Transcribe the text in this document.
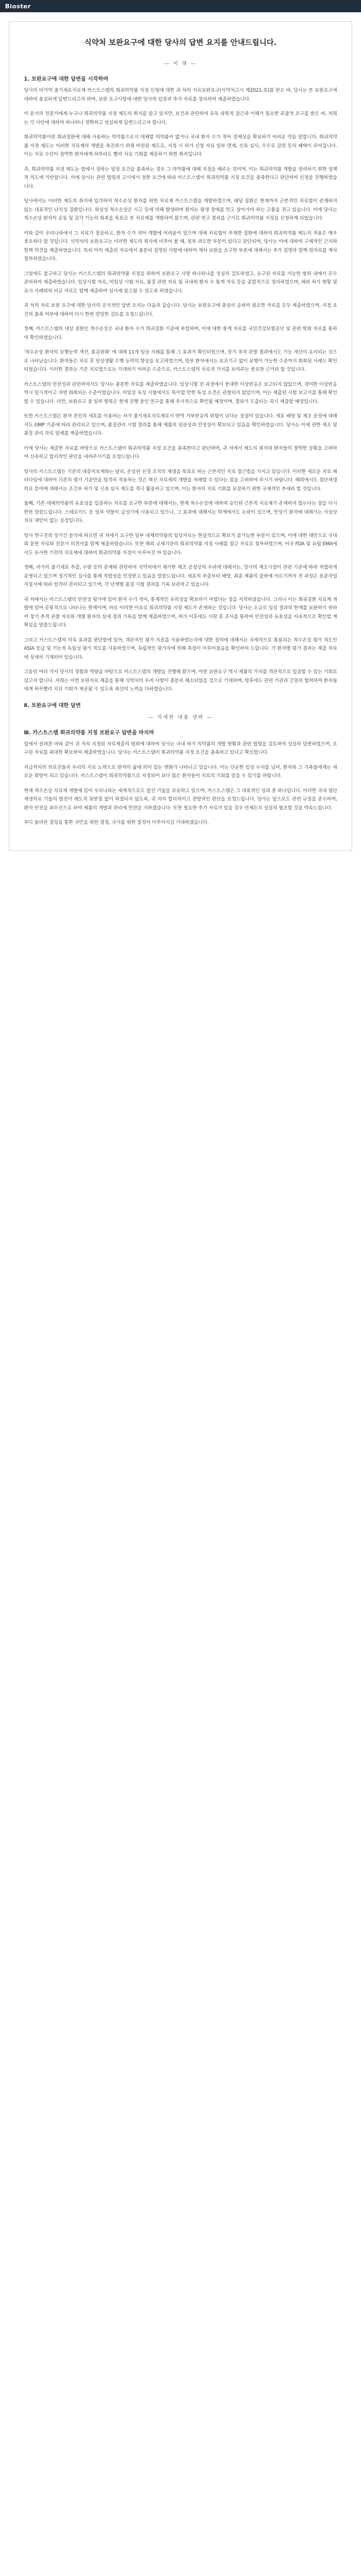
Bioster
식약처 보완요구에 대한 당사의 답변 요지를 안내드립니다.
— 이 래 —
1. 보완요구에 대한 답변을 시작하며

당사의 비가역 줄기세포치료제 카스트스템의 희귀의약품 지정 신청에 대한 귀 처의 지료보완요구(식약처고시 제2021-호)를 받은 바, 당사는 본 보완요구에 대하여 충실하게 답변드리고자 하며, 보완 요구사항에 대한 당사의 입장과 추가 자료를 정리하여 제출하였습니다.

이 문서의 전문가에게 누구나 희귀의약품 지정 제도의 취지를 알고 있지만, 보건과 관련하여 유독 과학적 접근과 이해가 필요한 포괄적 요구를 받은 바, 저희는 각 사안에 대하여 하나하나 정확하고 성실하게 답변드리고자 합니다.

희귀의약품이란 희귀질환에 대해 사용하는 의약품으로서 대체할 의약품이 없거나 국내 환자 수가 적어 경제성을 확보하기 어려운 약을 말합니다. 희귀의약품 지정 제도는 이러한 치료제의 개발을 촉진하기 위해 마련된 제도로, 지정 시 허가 신청 자료 일부 면제, 신속 심사, 수수료 감면 등의 혜택이 주어집니다. 이는 치료 수단이 절박한 환자에게 하루라도 빨리 치료 기회를 제공하기 위한 취지입니다.

즉, 희귀의약품 지정 제도는 법에서 정하는 일정 요건을 충족하는 경우 그 의약품에 대해 지정을 해주는 것이며, 이는 희귀의약품 개발을 장려하기 위한 정책적 의도에 기반합니다. 이에 당사는 관련 법령과 고시에서 정한 요건에 따라 카스트스템이 희귀의약품 지정 요건을 충족한다고 판단하여 신청을 진행하였습니다.

당사에서는 이러한 제도의 취지에 입각하여 척수손상 환자를 위한 치료제 카스트스템을 개발하였으며, 해당 질환은 현재까지 근본적인 치료법이 존재하지 않는 대표적인 난치성 질환입니다. 외상성 척수손상은 사고 등에 의해 발생하며 환자는 평생 장애를 안고 살아가야 하는 고통을 겪고 있습니다. 이에 당사는 척수손상 환자의 운동 및 감각 기능의 회복을 목표로 본 치료제를 개발하여 왔으며, 관련 연구 결과를 근거로 희귀의약품 지정을 신청하게 되었습니다.

이와 같이 우리나라에서 그 치료가 절실하고, 환자 수가 적어 개발에 어려움이 있으며 대체 치료법이 부재한 질환에 대하여 희귀의약품 제도의 적용은 매우 중요하다 할 것입니다. 식약처의 보완요구는 이러한 제도의 취지에 비추어 볼 때, 일부 과도한 부분이 있다고 판단되며, 당사는 이에 대하여 구체적인 근거와 함께 의견을 제출하였습니다. 특히 이미 제출된 자료에서 충분히 설명된 사항에 대하여 재차 보완을 요구한 부분에 대해서는 추가 설명과 함께 원자료를 재차 첨부하였습니다.

그럼에도 불구하고 당사는 카스트스템의 희귀의약품 지정을 위하여 보완요구 사항 하나하나를 성실히 검토하였고, 요구된 자료를 가능한 범위 내에서 모두 준비하여 제출하였습니다. 임상시험 자료, 비임상 시험 자료, 품질 관련 자료 및 국내외 환자 수 통계 자료 등을 종합적으로 정리하였으며, 해외 허가 현황 및 유사 사례와의 비교 자료도 함께 제출하여 심사에 참고될 수 있도록 하였습니다.

귀 처의 자료 보완 요구에 대한 당사의 공식적인 답변 요지는 다음과 같습니다. 당사는 보완요구에 충실히 응하여 필요한 자료를 모두 제출하였으며, 지정 요건의 충족 여부에 대하여 다시 한번 면밀한 검토를 요청드립니다.

첫째, 카스트스템의 대상 질환인 척수손상은 국내 환자 수가 희귀질환 기준에 부합하며, 이에 대한 통계 자료를 국민건강보험공단 및 관련 학회 자료를 통하여 확인하였습니다.

'척수손상 환자의 보행능력 개선, 통증완화' 에 대해 11개 임상 사례를 통해 그 효과가 확인되었으며, 장기 추적 관찰 결과에서도 기능 개선이 유지되는 것으로 나타났습니다. 환자들은 치료 후 일상생활 수행 능력의 향상을 보고하였으며, 일부 환자에서는 보조기구 없이 보행이 가능한 수준까지 회복된 사례도 확인되었습니다. 이러한 결과는 기존 치료법으로는 기대하기 어려운 수준으로, 카스트스템의 치료적 가치를 보여주는 중요한 근거라 할 것입니다.

카스트스템의 안전성과 관련하여서도 당사는 충분한 자료를 제출하였습니다. 임상시험 전 과정에서 중대한 이상반응은 보고되지 않았으며, 경미한 이상반응 역시 일시적이고 자연 회복되는 수준이었습니다. 비임상 독성 시험에서도 특이할 만한 독성 소견은 관찰되지 않았으며, 이는 제출된 시험 보고서를 통해 확인할 수 있습니다. 다만, 보완요구 중 일부 항목은 현재 진행 중인 연구를 통해 추가적으로 확인될 예정이며, 결과가 도출되는 즉시 제출할 예정입니다.

또한 카스트스템은 환자 본인의 세포를 이용하는 자가 줄기세포치료제로서 면역 거부반응의 위험이 낮다는 장점이 있습니다. 세포 배양 및 제조 공정에 대해서도 GMP 기준에 따라 관리되고 있으며, 품질관리 시험 결과를 통해 제품의 일관성과 안정성이 확보되고 있음을 확인하였습니다. 당사는 이에 관한 제조 및 품질 관리 자료 일체를 제출하였습니다.

이에 당사는 제출한 자료를 바탕으로 카스트스템이 희귀의약품 지정 요건을 충족한다고 판단하며, 귀 처에서 제도의 취지와 환자들의 절박한 상황을 고려하여 신속하고 합리적인 판단을 내려주시기를 요청드립니다.

당사의 카스트스템은 기존의 대증치료제와는 달리, 손상된 신경 조직의 재생을 목표로 하는 근본적인 치료 접근법을 가지고 있습니다. 이러한 새로운 치료 패러다임에 대하여 기존의 평가 기준만을 엄격히 적용하는 것은 혁신 치료제의 개발을 저해할 수 있다는 점을 고려하여 주시기 바랍니다. 해외에서도 첨단재생의료 분야에 대해서는 조건부 허가 및 신속 심사 제도를 적극 활용하고 있으며, 이는 환자의 치료 기회를 보장하기 위한 국제적인 추세라 할 것입니다.

둘째, 기존 대체의약품의 유효성을 입증하는 자료를 요구한 부분에 대해서는, 현재 척수손상에 대하여 승인된 근본적 치료제가 존재하지 않는다는 점을 다시 한번 말씀드립니다. 스테로이드 등 일부 약물이 급성기에 사용되고 있으나, 그 효과에 대해서는 학계에서도 논란이 있으며, 만성기 환자에 대해서는 사실상 치료 대안이 없는 실정입니다.

당사 연구진의 장기간 분석에 따르면 귀 처에서 요구한 일부 대체의약품의 임상자료는 현실적으로 확보가 불가능한 부분이 있으며, 이에 대한 대안으로 국내외 문헌 자료와 전문가 의견서를 함께 제출하였습니다. 또한 해외 규제기관의 희귀의약품 지정 사례를 참고 자료로 첨부하였으며, 미국 FDA 및 유럽 EMA에서도 유사한 기전의 치료제에 대하여 희귀의약품 지정이 이루어진 바 있습니다.

셋째, 자가의 줄기세포 추출, 수량 등의 문제와 관련하여 식약처에서 제기한 제조 공정상의 우려에 대해서는, 당사의 제조시설이 관련 기준에 따라 적법하게 운영되고 있으며 정기적인 실사를 통해 적합성을 인정받고 있음을 말씀드립니다. 세포의 추출부터 배양, 최종 제품의 출하에 이르기까지 전 과정은 표준작업지침서에 따라 엄격히 관리되고 있으며, 각 단계별 품질 시험 결과를 기록·보관하고 있습니다.

귀 처에서는 카스트스템의 안전성 평가에 있어 환자 수가 적어, 통계적인 유의성을 확보하기 어렵다는 점을 지적하셨습니다. 그러나 이는 희귀질환 치료제 개발에 있어 공통적으로 나타나는 한계이며, 바로 이러한 이유로 희귀의약품 지정 제도가 존재하는 것입니다. 당사는 소규모 임상 결과의 한계를 보완하기 위하여 장기 추적 관찰 자료와 개별 환자의 상세 경과 기록을 함께 제출하였으며, 허가 이후에도 시판 후 조사를 통하여 안전성과 유효성을 지속적으로 확인할 계획임을 말씀드립니다.

그리고 카스트스템의 치료 효과를 판단함에 있어, 객관적인 평가 지표를 사용하였는지에 대한 질의에 대해서는 국제적으로 통용되는 척수손상 평가 척도인 ASIA 등급 및 기능적 독립성 평가 척도를 사용하였으며, 독립적인 평가자에 의해 측정이 이루어졌음을 확인하여 드립니다. 각 환자별 평가 결과는 제출 자료에 상세히 기재되어 있습니다.

그동안 여러 가지 당사의 경험과 역량을 바탕으로 카스트스템의 개발을 진행해 왔으며, 이번 보완요구 역시 제품의 가치를 객관적으로 입증할 수 있는 기회로 삼고자 합니다. 저희는 이번 보완자료 제출을 통해 식약처의 우려 사항이 충분히 해소되었을 것으로 기대하며, 향후에도 관련 기관과 긴밀히 협력하여 환자들에게 하루빨리 치료 기회가 제공될 수 있도록 최선의 노력을 다하겠습니다.

Ⅱ. 보완요구에 대한 답변
— 자세한 내용 생략 —
Ⅲ. 카스트스템 희귀의약품 지정 보완요구 답변을 마치며

앞에서 살펴본 바와 같이 귀 처의 지정된 자료제출의 범위에 대하여 당사는 국내 허가 의약품의 개발 현황과 관련 법령을 검토하여 성실히 답변하였으며, 요구된 자료를 최대한 확보하여 제출하였습니다. 당사는 카스트스템이 희귀의약품 지정 요건을 충족하고 있다고 확신합니다.

지금까지의 의료진들과 우리의 치료 노력으로 환자의 삶에 의미 있는 변화가 나타나고 있습니다. 이는 단순한 임상 수치를 넘어, 환자와 그 가족들에게는 새로운 희망이 되고 있습니다. 카스트스템이 희귀의약품으로 지정되어 보다 많은 환자들이 치료의 기회를 얻을 수 있기를 바랍니다.

현재 척수손상 치료제 개발에 있어 우리나라는 세계적으로도 앞선 기술을 보유하고 있으며, 카스트스템은 그 대표적인 성과 중 하나입니다. 이러한 국내 첨단재생의료 기술의 발전이 제도적 뒷받침 없이 좌절되지 않도록, 귀 처의 합리적이고 전향적인 판단을 요청드립니다. 당사는 앞으로도 관련 규정을 준수하며, 환자 안전을 최우선으로 하여 제품의 개발과 관리에 만전을 기하겠습니다. 또한 필요한 추가 자료가 있을 경우 언제든지 성실히 협조할 것을 약속드립니다.

부디 올바른 결정을 통한 국민을 위한 결정, 국가를 위한 결정이 이루어지길 기대하겠습니다.
